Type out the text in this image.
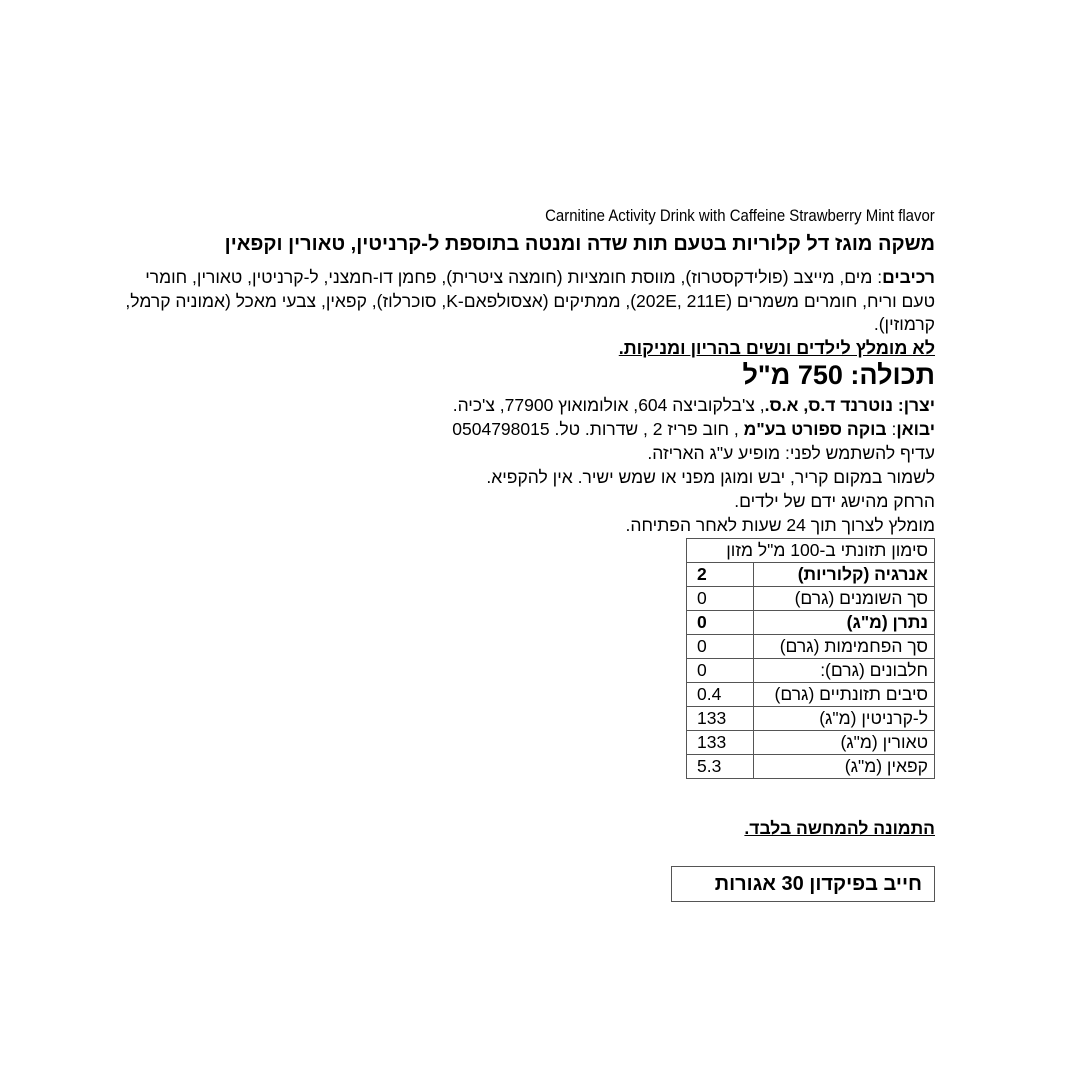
Carnitine Activity Drink with Caffeine Strawberry Mint flavor
משקה מוגז דל קלוריות בטעם תות שדה ומנטה בתוספת ל-קרניטין, טאורין וקפאין
רכיבים: מים, מייצב (פולידקסטרוז), מווסת חומציות (חומצה ציטרית), פחמן דו-חמצני, ל-קרניטין, טאורין, חומרי טעם וריח, חומרים משמרים (202E, 211E), ממתיקים (אצסולפאם-K, סוכרלוז), קפאין, צבעי מאכל (אמוניה קרמל, קרמוזין).
לא מומלץ לילדים ונשים בהריון ומניקות.
תכולה: 750 מ"ל
יצרן: נוטרנד ד.ס, א.ס., צ'בלקוביצה 604, אולומואוץ 77900, צ'כיה.
יבואן: בוקה ספורט בע"מ , חוב פריז 2 , שדרות. טל. 0504798015
עדיף להשתמש לפני: מופיע ע"ג האריזה.
לשמור במקום קריר, יבש ומוגן מפני או שמש ישיר. אין להקפיא.
הרחק מהישג ידם של ילדים.
מומלץ לצרוך תוך 24 שעות לאחר הפתיחה.
סימון תזונתי ב-100 מ"ל מזון	
אנרגיה (קלוריות)	2
סך השומנים (גרם)	0
נתרן (מ"ג)	0
סך הפחמימות (גרם)	0
חלבונים (גרם):	0
סיבים תזונתיים (גרם)	0.4
ל-קרניטין (מ"ג)	133
טאורין (מ"ג)	133
קפאין (מ"ג)	5.3
התמונה להמחשה בלבד.
חייב בפיקדון 30 אגורות
